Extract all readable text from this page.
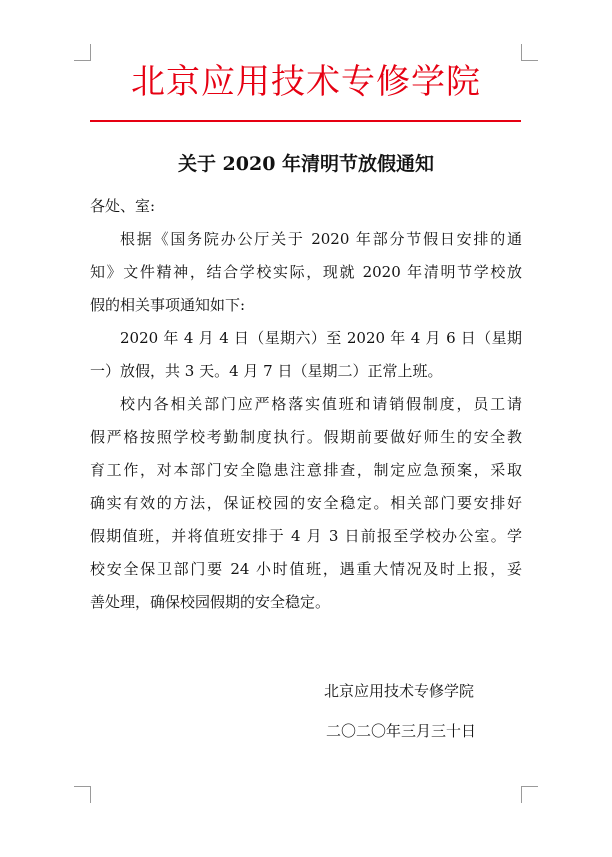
北京应用技术专修学院
关于 2020 年清明节放假通知
各处、室:
根据《国务院办公厅关于 2020 年部分节假日安排的通
知》文件精神，结合学校实际，现就 2020 年清明节学校放
假的相关事项通知如下:
2020 年 4 月 4 日（星期六）至 2020 年 4 月 6 日（星期
一）放假，共 3 天。4 月 7 日（星期二）正常上班。
校内各相关部门应严格落实值班和请销假制度，员工请
假严格按照学校考勤制度执行。假期前要做好师生的安全教
育工作，对本部门安全隐患注意排查，制定应急预案，采取
确实有效的方法，保证校园的安全稳定。相关部门要安排好
假期值班，并将值班安排于 4 月 3 日前报至学校办公室。学
校安全保卫部门要 24 小时值班，遇重大情况及时上报，妥
善处理，确保校园假期的安全稳定。
北京应用技术专修学院
二〇二〇年三月三十日
